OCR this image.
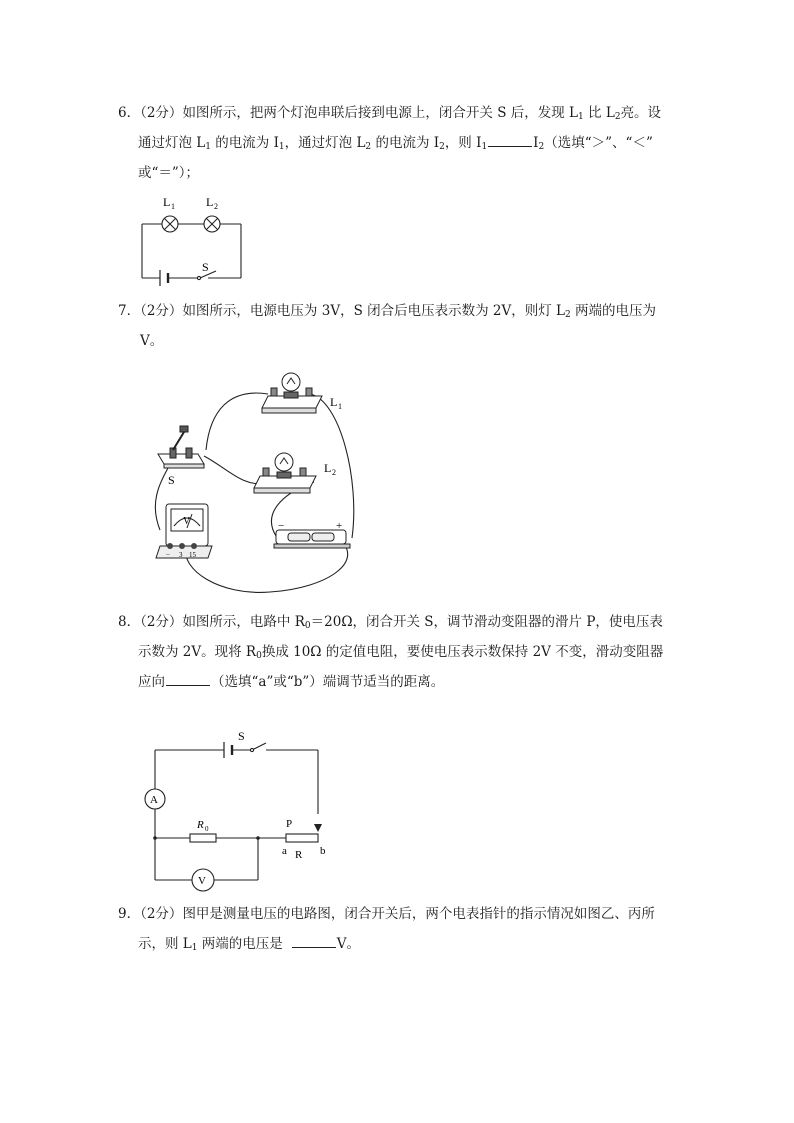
6．（2分）如图所示，把两个灯泡串联后接到电源上，闭合开关 S 后，发现 $L_1$ 比 $L_2$亮。设
通过灯泡 $L_1$ 的电流为 $I_1$，通过灯泡 $L_2$ 的电流为 $I_2$，则 $I_1$	$I_2$（选填“＞”、“＜”
或“＝”）；
L 1	L 2
S
7．（2分）如图所示，电源电压为 3V，S 闭合后电压表示数为 2V，则灯 $L_2$ 两端的电压为
V。
L 1
L 2
S
V	−	+
− 3 15
8．（2分）如图所示，电路中 $R_0=20\Omega$，闭合开关 S，调节滑动变阻器的滑片 P，使电压表
示数为 2V。现将 $R_0$换成 10Ω 的定值电阻，要使电压表示数保持 2V 不变，滑动变阻器
应向	（选填“a”或“b”）端调节适当的距离。
S
A
V
R 0	P
R
a	b
9．（2分）图甲是测量电压的电路图，闭合开关后，两个电表指针的指示情况如图乙、丙所
示，则 $L_1$ 两端的电压是	V。
